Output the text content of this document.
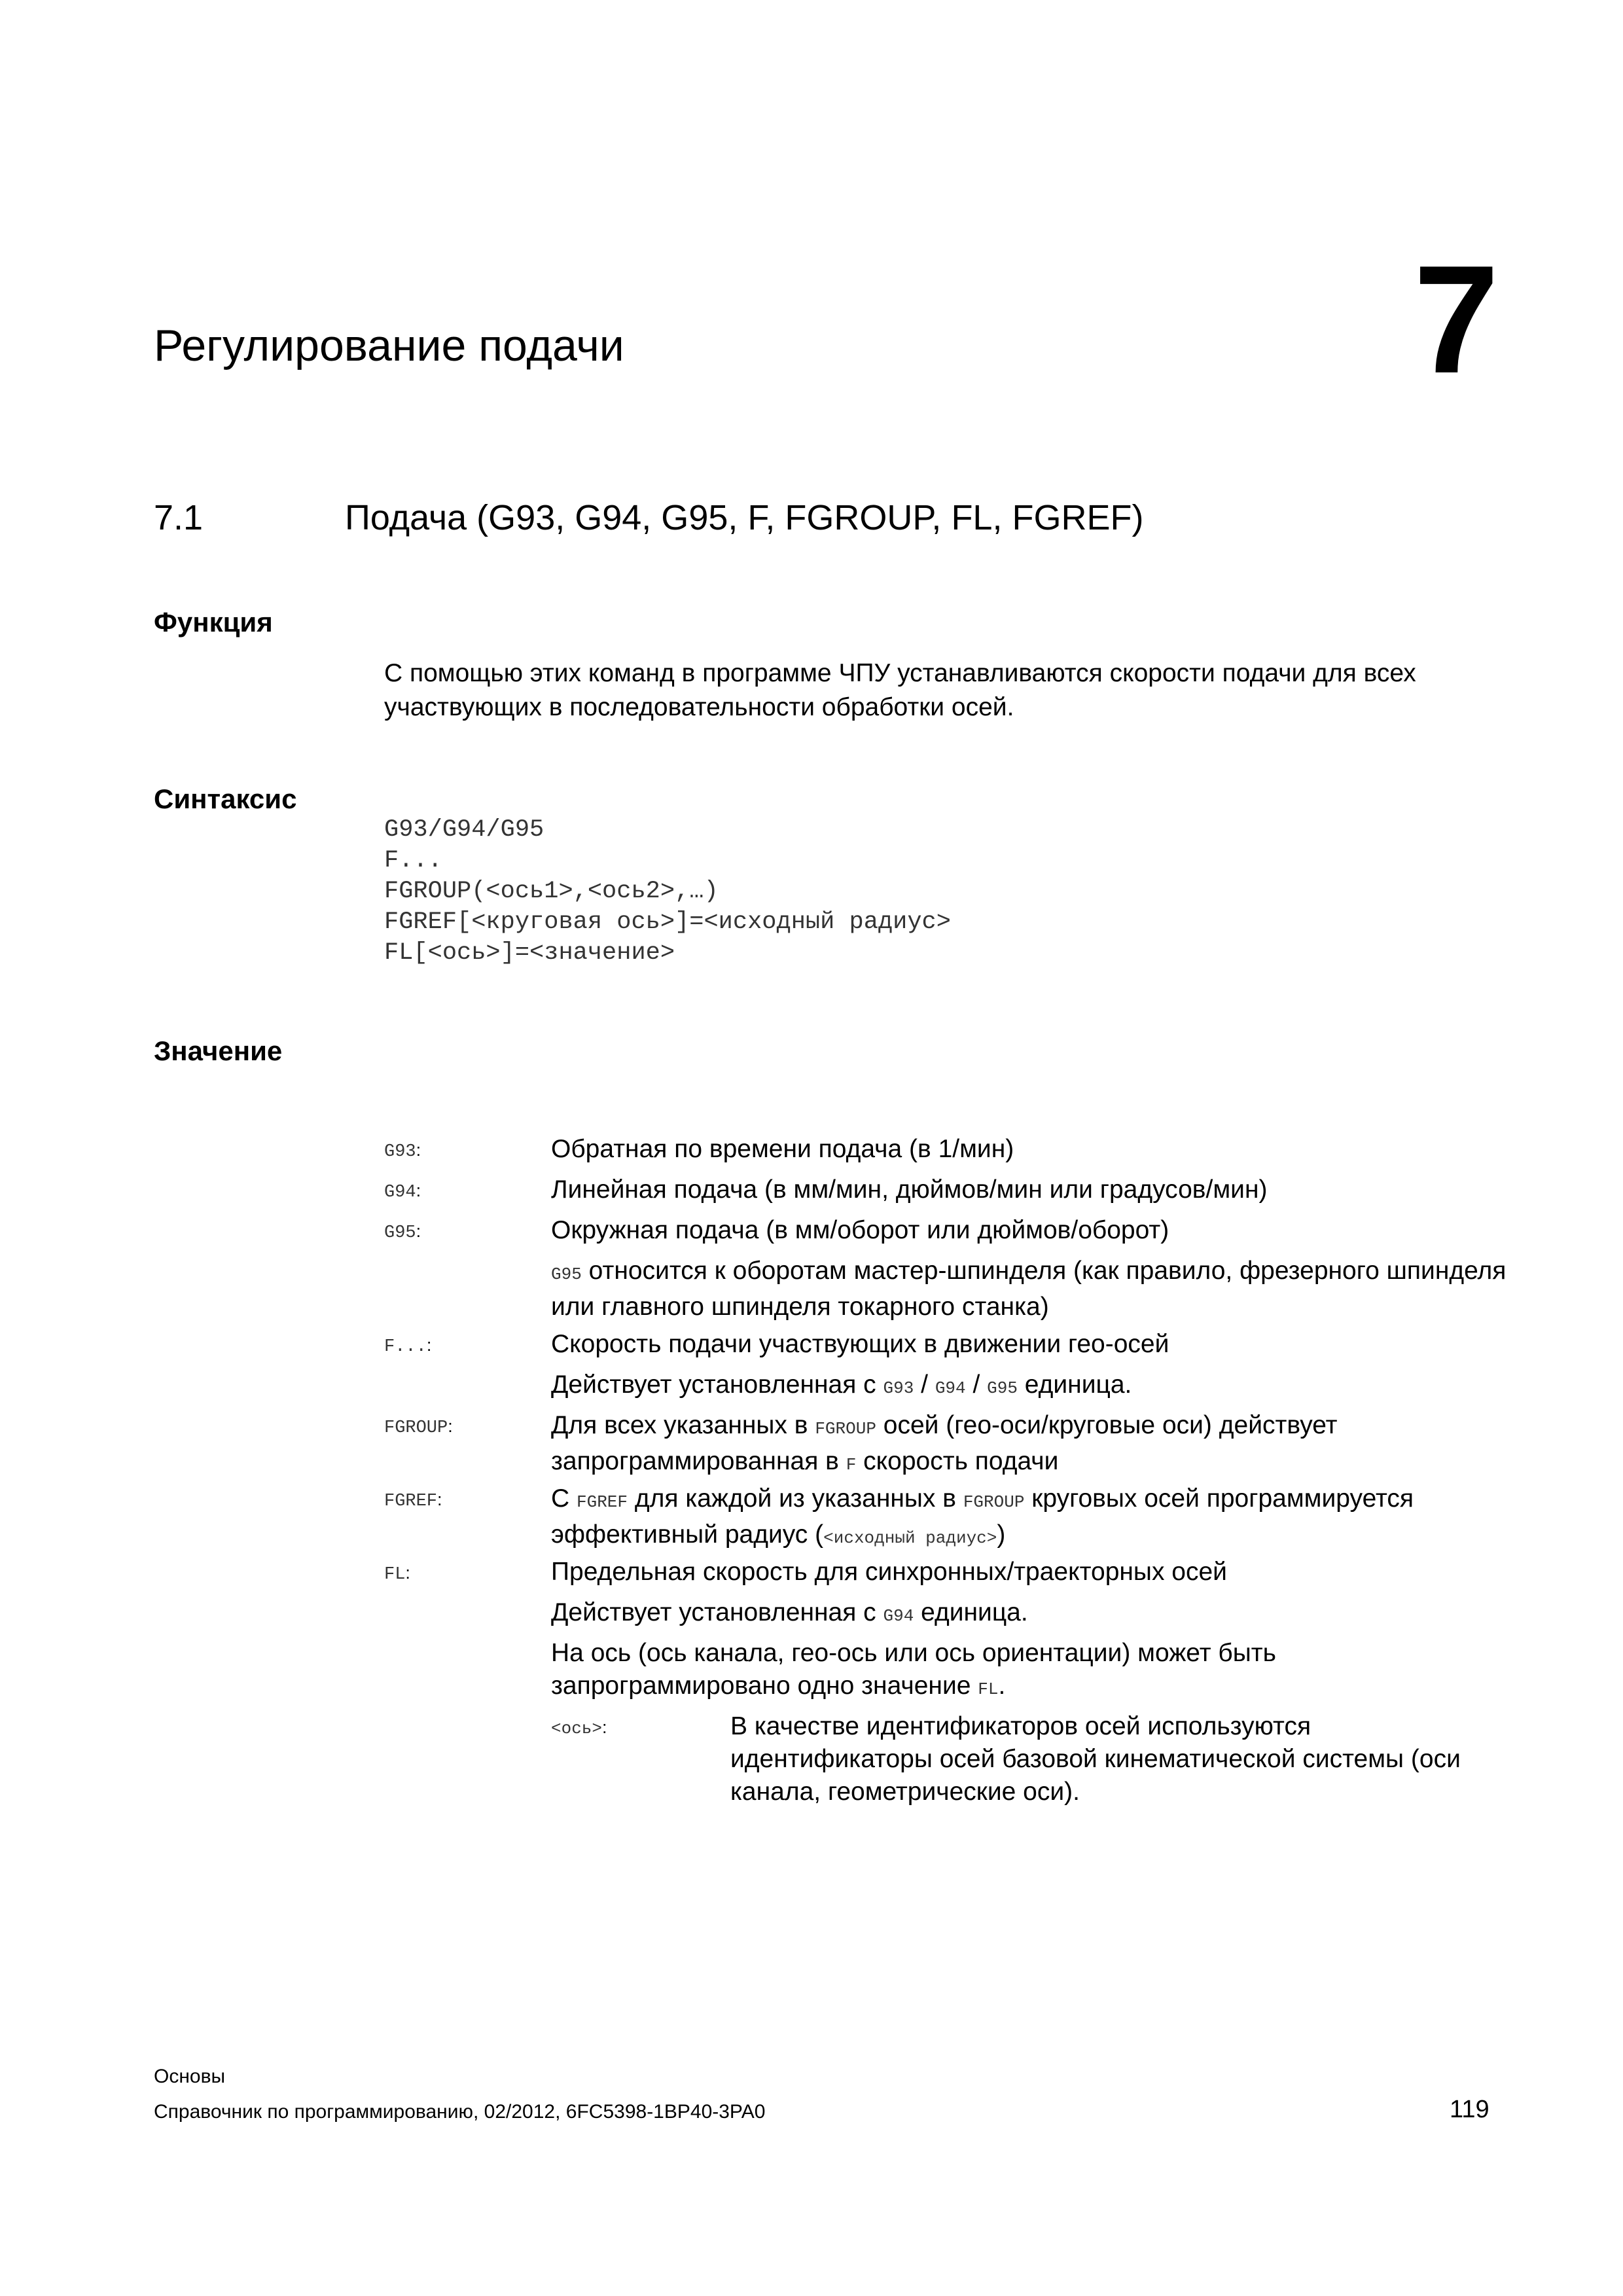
7
Регулирование подачи
7.1	Подача (G93, G94, G95, F, FGROUP, FL, FGREF)
Функция
С помощью этих команд в программе ЧПУ устанавливаются скорости подачи для всех участвующих в последовательности обработки осей.
Синтаксис
G93/G94/G95
F...
FGROUP(<ось1>,<ось2>,…)
FGREF[<круговая ось>]=<исходный радиус>
FL[<ось>]=<значение>
Значение
G93:	Обратная по времени подача (в 1/мин)
G94:	Линейная подача (в мм/мин, дюймов/мин или градусов/мин)
G95:	Окружная подача (в мм/оборот или дюймов/оборот)
G95 относится к оборотам мастер-шпинделя (как правило, фрезерного шпинделя или главного шпинделя токарного станка)
F...:	Скорость подачи участвующих в движении гео-осей
Действует установленная с G93 / G94 / G95 единица.
FGROUP:	Для всех указанных в FGROUP осей (гео-оси/круговые оси) действует запрограммированная в F скорость подачи
FGREF:	С FGREF для каждой из указанных в FGROUP круговых осей программируется эффективный радиус (<исходный радиус>)
FL:	Предельная скорость для синхронных/траекторных осей
Действует установленная с G94 единица.
На ось (ось канала, гео-ось или ось ориентации) может быть запрограммировано одно значение FL.
<ось>:	В качестве идентификаторов осей используются идентификаторы осей базовой кинематической системы (оси канала, геометрические оси).
Основы
Справочник по программированию, 02/2012, 6FC5398-1BP40-3PA0	119
